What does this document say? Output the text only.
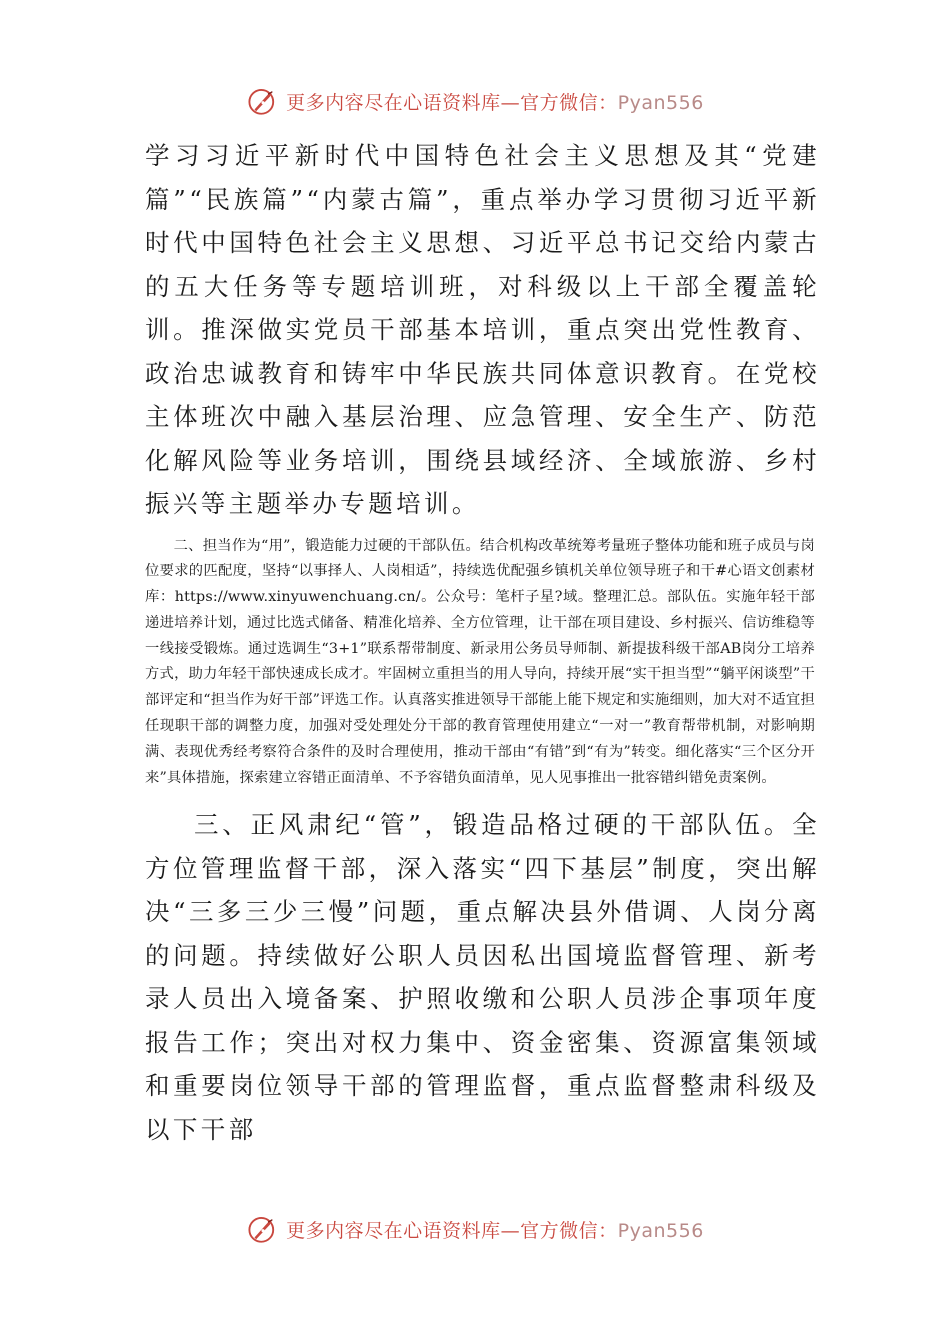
更多内容尽在心语资料库—官方微信：Pyan556

学习习近平新时代中国特色社会主义思想及其“党建篇”“民族篇”“内蒙古篇”，重点举办学习贯彻习近平新时代中国特色社会主义思想、习近平总书记交给内蒙古的五大任务等专题培训班，对科级以上干部全覆盖轮训。推深做实党员干部基本培训，重点突出党性教育、政治忠诚教育和铸牢中华民族共同体意识教育。在党校主体班次中融入基层治理、应急管理、安全生产、防范化解风险等业务培训，围绕县域经济、全域旅游、乡村振兴等主题举办专题培训。

二、担当作为“用”，锻造能力过硬的干部队伍。结合机构改革统筹考量班子整体功能和班子成员与岗位要求的匹配度，坚持“以事择人、人岗相适”，持续选优配强乡镇机关单位领导班子和干#心语文创素材库：https://www.xinyuwenchuang.cn/。公众号：笔杆子星?域。整理汇总。部队伍。实施年轻干部递进培养计划，通过比选式储备、精准化培养、全方位管理，让干部在项目建设、乡村振兴、信访维稳等一线接受锻炼。通过选调生“3+1”联系帮带制度、新录用公务员导师制、新提拔科级干部AB岗分工培养方式，助力年轻干部快速成长成才。牢固树立重担当的用人导向，持续开展“实干担当型”“躺平闲谈型”干部评定和“担当作为好干部”评选工作。认真落实推进领导干部能上能下规定和实施细则，加大对不适宜担任现职干部的调整力度，加强对受处理处分干部的教育管理使用建立“一对一”教育帮带机制，对影响期满、表现优秀经考察符合条件的及时合理使用，推动干部由“有错”到“有为”转变。细化落实“三个区分开来”具体措施，探索建立容错正面清单、不予容错负面清单，见人见事推出一批容错纠错免责案例。

三、正风肃纪“管”，锻造品格过硬的干部队伍。全方位管理监督干部，深入落实“四下基层”制度，突出解决“三多三少三慢”问题，重点解决县外借调、人岗分离的问题。持续做好公职人员因私出国境监督管理、新考录人员出入境备案、护照收缴和公职人员涉企事项年度报告工作；突出对权力集中、资金密集、资源富集领域和重要岗位领导干部的管理监督，重点监督整肃科级及以下干部

更多内容尽在心语资料库—官方微信：Pyan556
